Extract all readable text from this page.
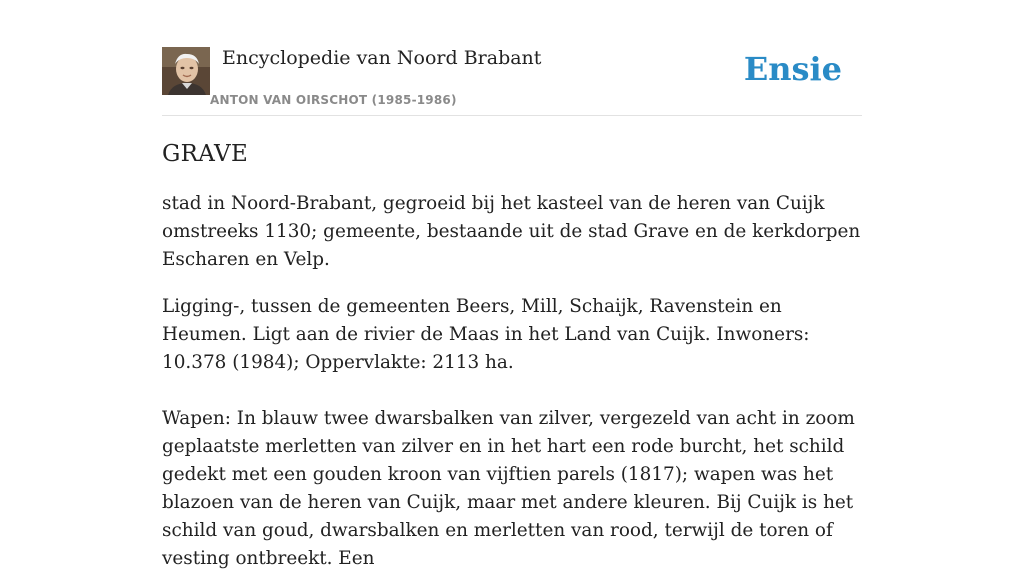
Encyclopedie van Noord Brabant
ANTON VAN OIRSCHOT (1985-1986)
Ensie
GRAVE

stad in Noord-Brabant, gegroeid bij het kasteel van de heren van Cuijk omstreeks 1130; gemeente, bestaande uit de stad Grave en de kerkdorpen Escharen en Velp.

Ligging-, tussen de gemeenten Beers, Mill, Schaijk, Ravenstein en Heumen. Ligt aan de rivier de Maas in het Land van Cuijk. Inwoners: 10.378 (1984); Oppervlakte: 2113 ha.

Wapen: In blauw twee dwarsbalken van zilver, vergezeld van acht in zoom geplaatste merletten van zilver en in het hart een rode burcht, het schild gedekt met een gouden kroon van vijftien parels (1817); wapen was het blazoen van de heren van Cuijk, maar met andere kleuren. Bij Cuijk is het schild van goud, dwarsbalken en merletten van rood, terwijl de toren of vesting ontbreekt. Een
